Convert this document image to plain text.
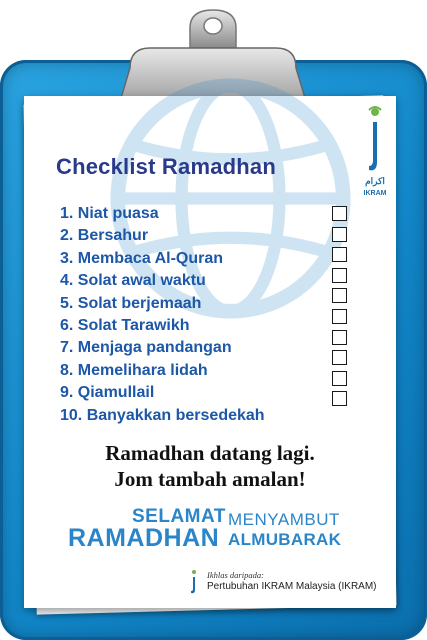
اكرام
IKRAM
Checklist Ramadhan
1. Niat puasa
2. Bersahur
3. Membaca Al-Quran
4. Solat awal waktu
5. Solat berjemaah
6. Solat Tarawikh
7. Menjaga pandangan
8. Memelihara lidah
9. Qiamullail
10. Banyakkan bersedekah
Ramadhan datang lagi.
Jom tambah amalan!
SELAMAT
RAMADHAN
MENYAMBUT
ALMUBARAK
Ikhlas daripada:
Pertubuhan IKRAM Malaysia (IKRAM)
